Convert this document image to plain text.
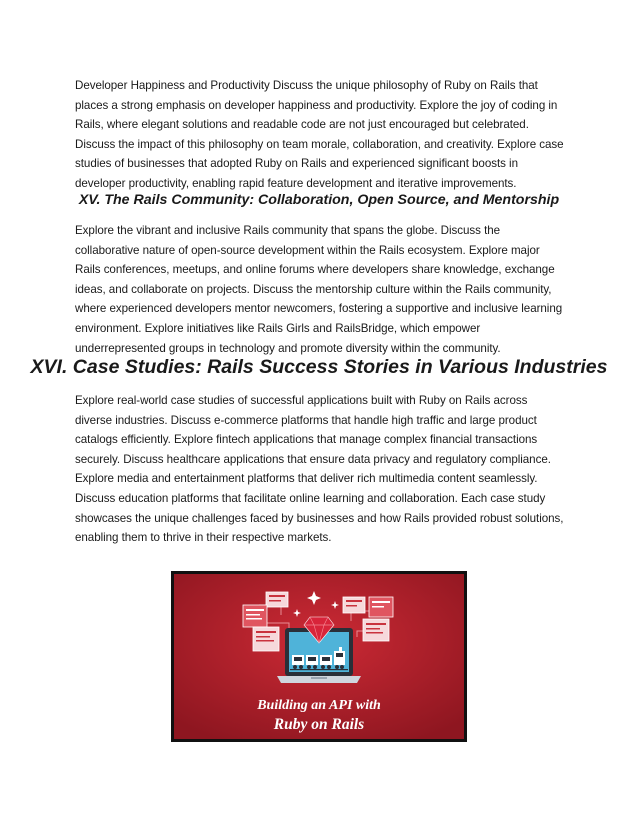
Developer Happiness and Productivity Discuss the unique philosophy of Ruby on Rails that places a strong emphasis on developer happiness and productivity. Explore the joy of coding in Rails, where elegant solutions and readable code are not just encouraged but celebrated. Discuss the impact of this philosophy on team morale, collaboration, and creativity. Explore case studies of businesses that adopted Ruby on Rails and experienced significant boosts in developer productivity, enabling rapid feature development and iterative improvements.

XV. The Rails Community: Collaboration, Open Source, and Mentorship

Explore the vibrant and inclusive Rails community that spans the globe. Discuss the collaborative nature of open-source development within the Rails ecosystem. Explore major Rails conferences, meetups, and online forums where developers share knowledge, exchange ideas, and collaborate on projects. Discuss the mentorship culture within the Rails community, where experienced developers mentor newcomers, fostering a supportive and inclusive learning environment. Explore initiatives like Rails Girls and RailsBridge, which empower underrepresented groups in technology and promote diversity within the community.

XVI. Case Studies: Rails Success Stories in Various Industries

Explore real-world case studies of successful applications built with Ruby on Rails across diverse industries. Discuss e-commerce platforms that handle high traffic and large product catalogs efficiently. Explore fintech applications that manage complex financial transactions securely. Discuss healthcare applications that ensure data privacy and regulatory compliance. Explore media and entertainment platforms that deliver rich multimedia content seamlessly. Discuss education platforms that facilitate online learning and collaboration. Each case study showcases the unique challenges faced by businesses and how Rails provided robust solutions, enabling them to thrive in their respective markets.

Building an API with
Ruby on Rails
